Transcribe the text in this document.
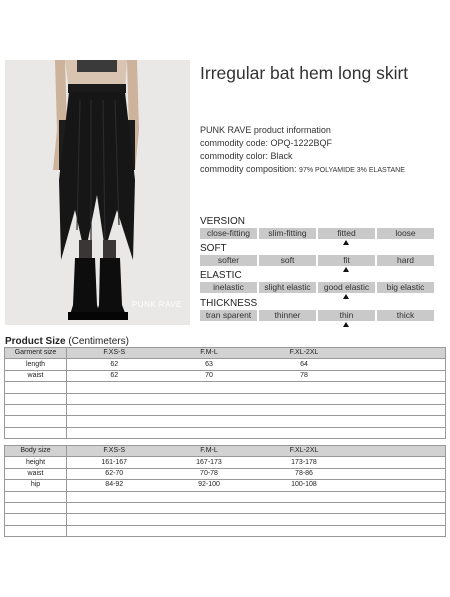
PUNK RAVE
Irregular bat hem long skirt
PUNK RAVE product information
commodity code: OPQ-1222BQF
commodity color: Black
commodity composition: 97% POLYAMIDE 3% ELASTANE
VERSION
close-fitting	slim-fitting	fitted	loose
SOFT
softer	soft	fit	hard
ELASTIC
inelastic	slight elastic	good elastic	big elastic
THICKNESS
tran sparent	thinner	thin	thick
Product Size (Centimeters)
Garment size	F.XS-S	F.M-L	F.XL-2XL	
length	62	63	64	
waist	62	70	78	

Body size	F.XS-S	F.M-L	F.XL-2XL	
height	161-167	167-173	173-178	
waist	62-70	70-78	78-86	
hip	84-92	92-100	100-108	
